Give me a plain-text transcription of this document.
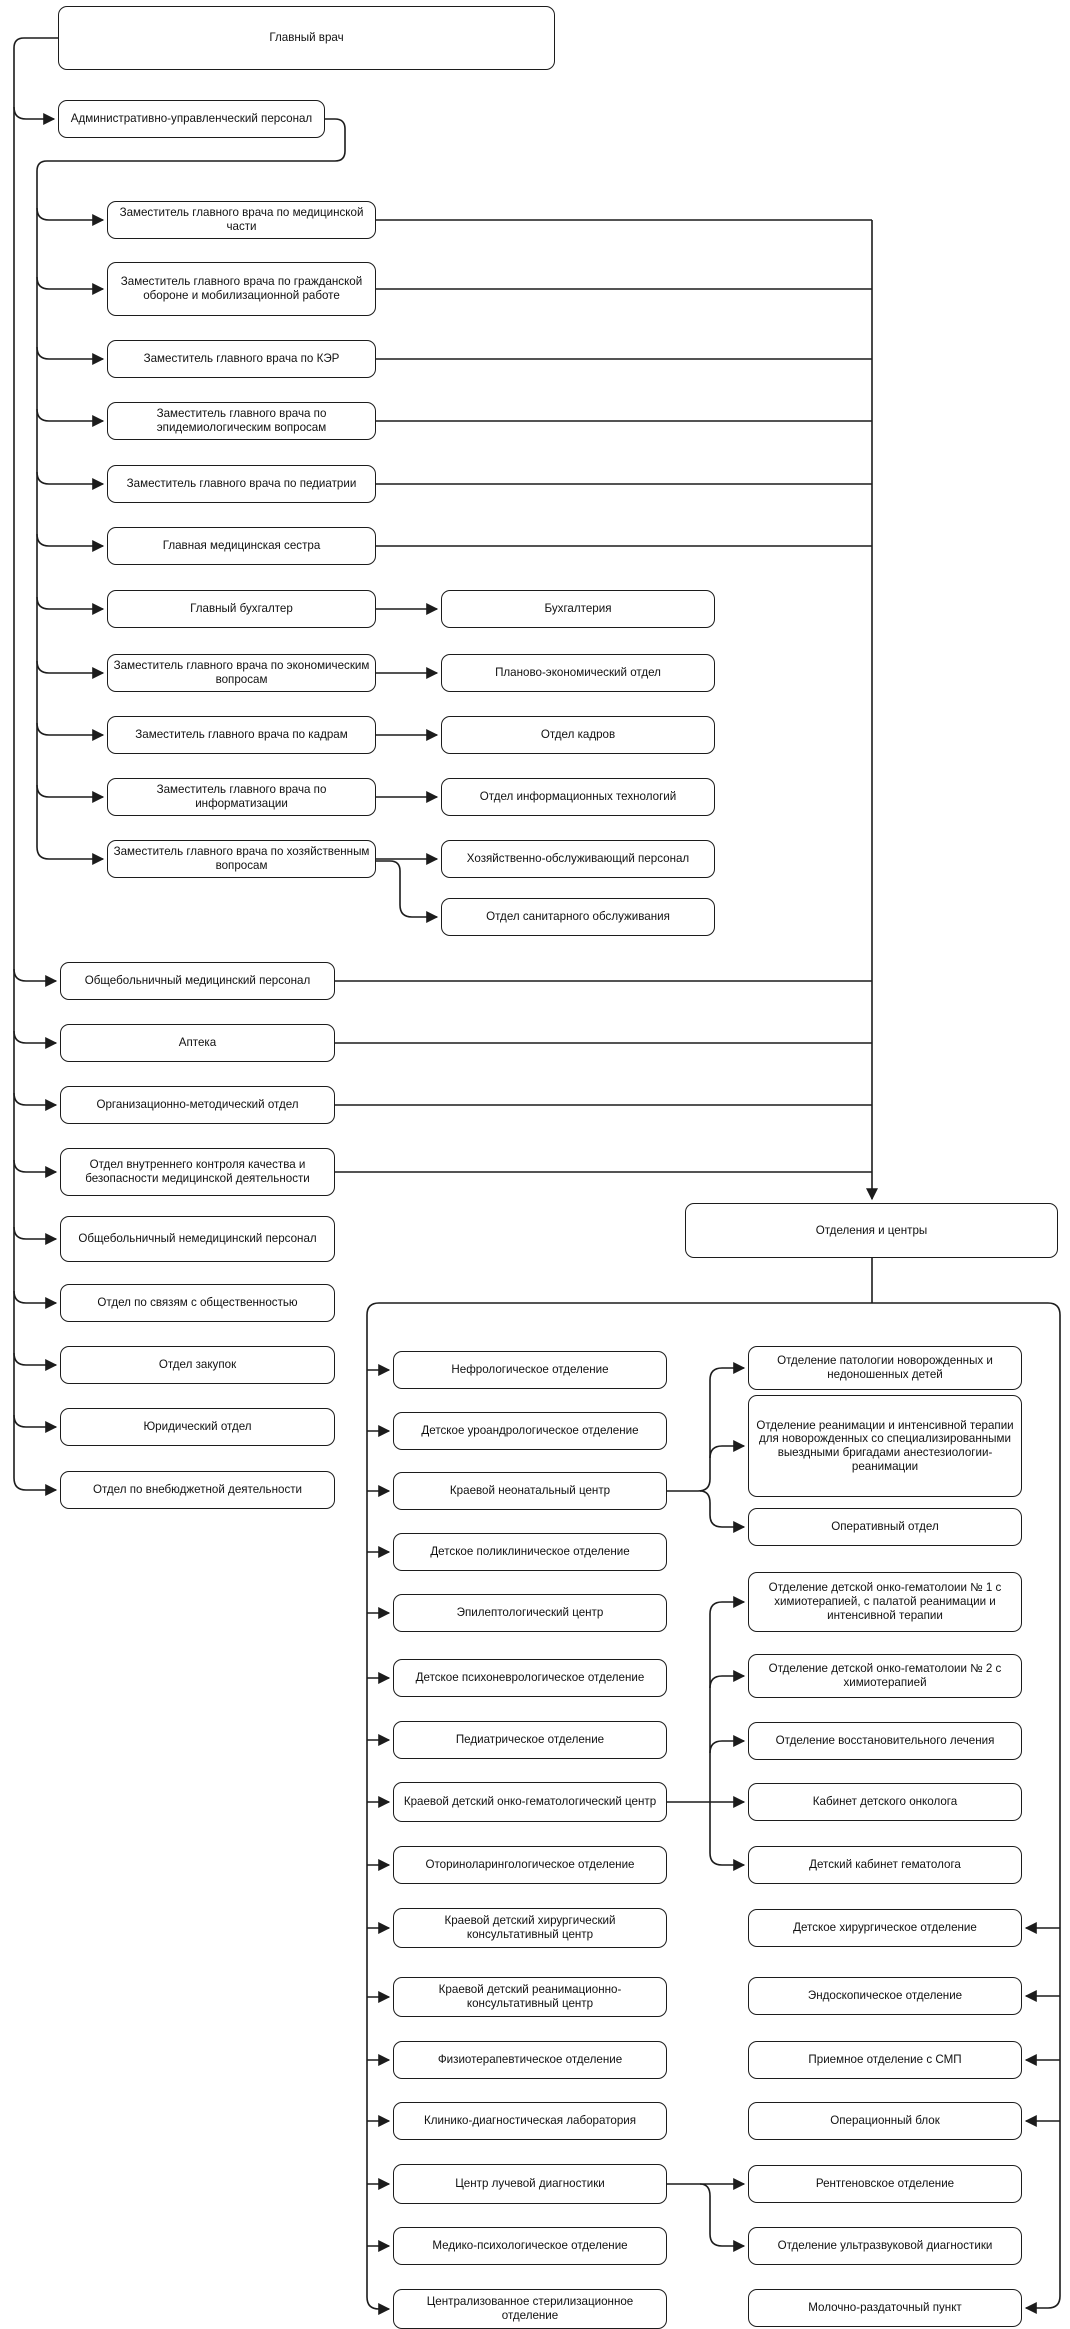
Главный врач
Административно-управленческий персонал
Заместитель главного врача по медицинской части
Заместитель главного врача по гражданской обороне и мобилизационной работе
Заместитель главного врача по КЭР
Заместитель главного врача по эпидемиологическим вопросам
Заместитель главного врача по педиатрии
Главная медицинская сестра
Главный бухгалтер
Заместитель главного врача по экономическим вопросам
Заместитель главного врача по кадрам
Заместитель главного врача по информатизации
Заместитель главного врача по хозяйственным вопросам
Бухгалтерия
Планово-экономический отдел
Отдел кадров
Отдел информационных технологий
Хозяйственно-обслуживающий персонал
Отдел санитарного обслуживания
Общебольничный медицинский персонал
Аптека
Организационно-методический отдел
Отдел внутреннего контроля качества и безопасности медицинской деятельности
Общебольничный немедицинский персонал
Отдел по связям с общественностью
Отдел закупок
Юридический отдел
Отдел по внебюджетной деятельности
Отделения и центры
Нефрологическое отделение
Детское уроандрологическое отделение
Краевой неонатальный центр
Детское поликлиническое отделение
Эпилептологический центр
Детское психоневрологическое отделение
Педиатрическое отделение
Краевой детский онко-гематологический центр
Оториноларингологическое отделение
Краевой детский хирургический консультативный центр
Краевой детский реанимационно-консультативный центр
Физиотерапевтическое отделение
Клинико-диагностическая лаборатория
Центр лучевой диагностики
Медико-психологическое отделение
Централизованное стерилизационное отделение
Отделение патологии новорожденных и недоношенных детей
Отделение реанимации и интенсивной терапии для новорожденных со специализированными выездными бригадами анестезиологии-реанимации
Оперативный отдел
Отделение детской онко-гематолоии № 1 с химиотерапией, с палатой реанимации и интенсивной терапии
Отделение детской онко-гематолоии № 2 с химиотерапией
Отделение восстановительного лечения
Кабинет детского онколога
Детский кабинет гематолога
Детское хирургическое отделение
Эндоскопическое отделение
Приемное отделение с СМП
Операционный блок
Рентгеновское отделение
Отделение ультразвуковой диагностики
Молочно-раздаточный пункт
